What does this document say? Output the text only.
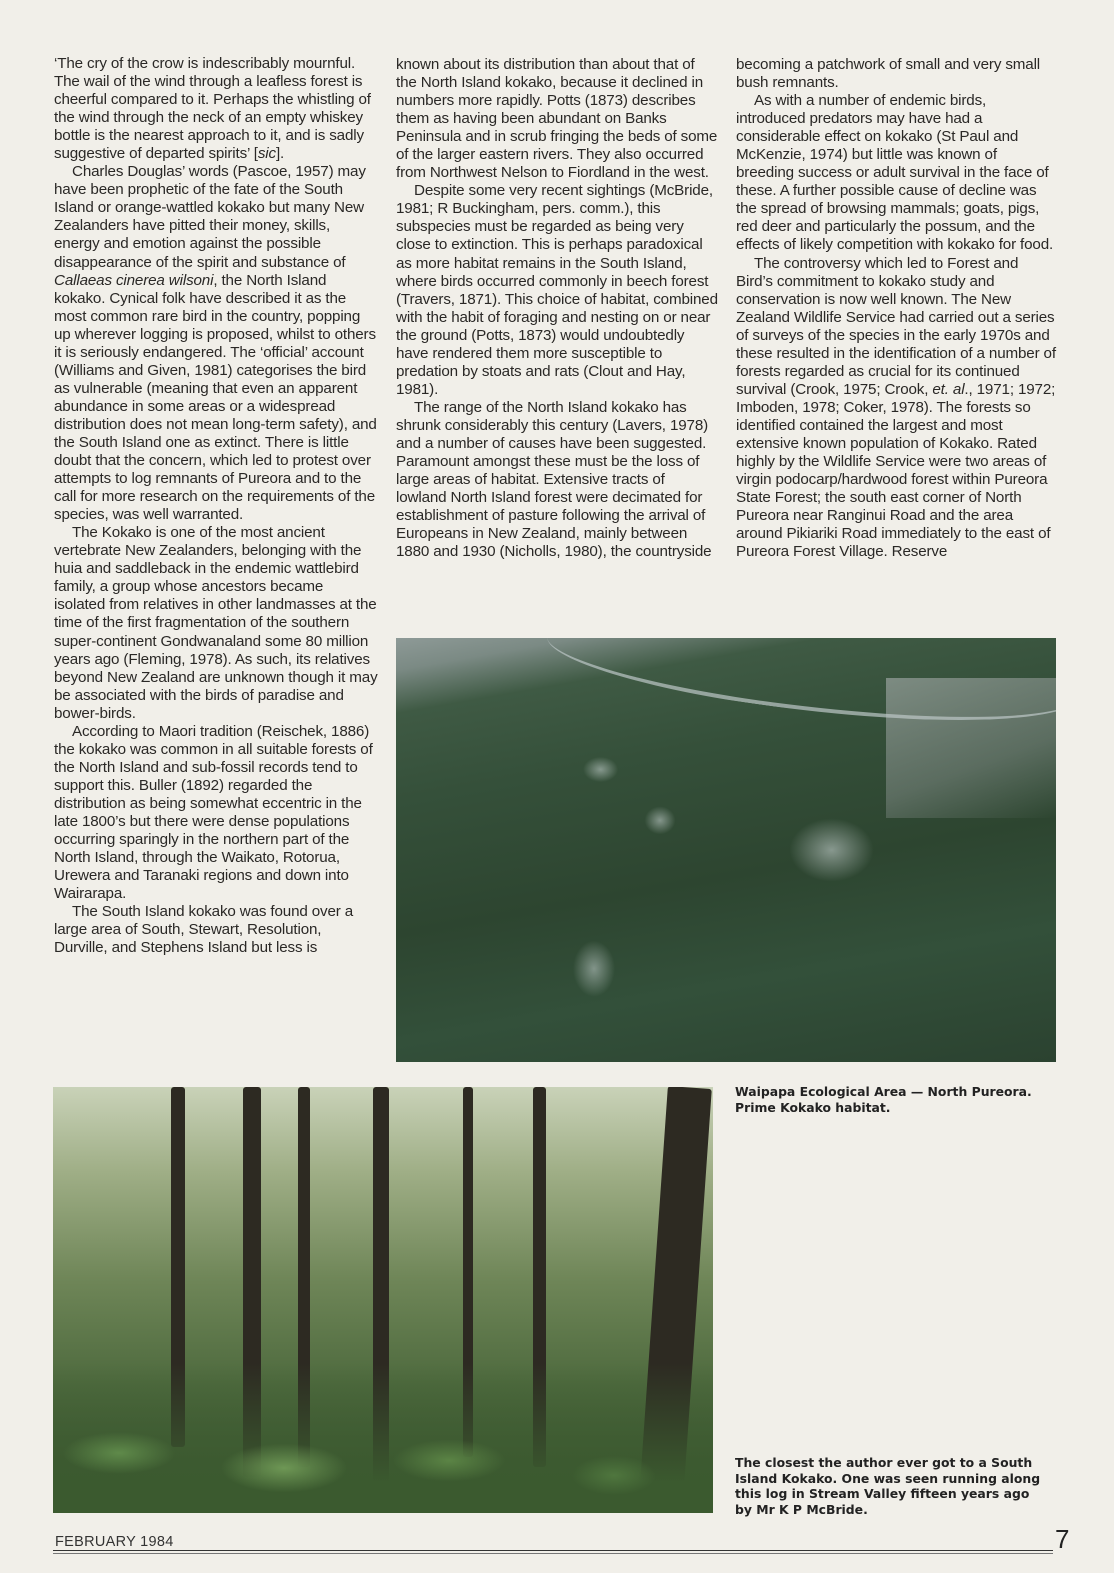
‘The cry of the crow is indescribably mournful. The wail of the wind through a leafless forest is cheerful compared to it. Perhaps the whistling of the wind through the neck of an empty whiskey bottle is the nearest approach to it, and is sadly suggestive of departed spirits’ [sic].

Charles Douglas’ words (Pascoe, 1957) may have been prophetic of the fate of the South Island or orange-wattled kokako but many New Zealanders have pitted their money, skills, energy and emotion against the possible disappearance of the spirit and substance of Callaeas cinerea wilsoni, the North Island kokako. Cynical folk have described it as the most common rare bird in the country, popping up wherever logging is proposed, whilst to others it is seriously endangered. The ‘official’ account (Williams and Given, 1981) categorises the bird as vulnerable (meaning that even an apparent abundance in some areas or a widespread distribution does not mean long-term safety), and the South Island one as extinct. There is little doubt that the concern, which led to protest over attempts to log remnants of Pureora and to the call for more research on the requirements of the species, was well warranted.

The Kokako is one of the most ancient vertebrate New Zealanders, belonging with the huia and saddleback in the endemic wattlebird family, a group whose ancestors became isolated from relatives in other landmasses at the time of the first fragmentation of the southern super-continent Gondwanaland some 80 million years ago (Fleming, 1978). As such, its relatives beyond New Zealand are unknown though it may be associated with the birds of paradise and bower-birds.

According to Maori tradition (Reischek, 1886) the kokako was common in all suitable forests of the North Island and sub-fossil records tend to support this. Buller (1892) regarded the distribution as being somewhat eccentric in the late 1800’s but there were dense populations occurring sparingly in the northern part of the North Island, through the Waikato, Rotorua, Urewera and Taranaki regions and down into Wairarapa.

The South Island kokako was found over a large area of South, Stewart, Resolution, Durville, and Stephens Island but less is

known about its distribution than about that of the North Island kokako, because it declined in numbers more rapidly. Potts (1873) describes them as having been abundant on Banks Peninsula and in scrub fringing the beds of some of the larger eastern rivers. They also occurred from Northwest Nelson to Fiordland in the west.

Despite some very recent sightings (McBride, 1981; R Buckingham, pers. comm.), this subspecies must be regarded as being very close to extinction. This is perhaps paradoxical as more habitat remains in the South Island, where birds occurred commonly in beech forest (Travers, 1871). This choice of habitat, combined with the habit of foraging and nesting on or near the ground (Potts, 1873) would undoubtedly have rendered them more susceptible to predation by stoats and rats (Clout and Hay, 1981).

The range of the North Island kokako has shrunk considerably this century (Lavers, 1978) and a number of causes have been suggested. Paramount amongst these must be the loss of large areas of habitat. Extensive tracts of lowland North Island forest were decimated for establishment of pasture following the arrival of Europeans in New Zealand, mainly between 1880 and 1930 (Nicholls, 1980), the countryside

becoming a patchwork of small and very small bush remnants.

As with a number of endemic birds, introduced predators may have had a considerable effect on kokako (St Paul and McKenzie, 1974) but little was known of breeding success or adult survival in the face of these. A further possible cause of decline was the spread of browsing mammals; goats, pigs, red deer and particularly the possum, and the effects of likely competition with kokako for food.

The controversy which led to Forest and Bird’s commitment to kokako study and conservation is now well known. The New Zealand Wildlife Service had carried out a series of surveys of the species in the early 1970s and these resulted in the identification of a number of forests regarded as crucial for its continued survival (Crook, 1975; Crook, et. al., 1971; 1972; Imboden, 1978; Coker, 1978). The forests so identified contained the largest and most extensive known population of Kokako. Rated highly by the Wildlife Service were two areas of virgin podocarp/hardwood forest within Pureora State Forest; the south east corner of North Pureora near Ranginui Road and the area around Pikiariki Road immediately to the east of Pureora Forest Village. Reserve

Waipapa Ecological Area — North Pureora. Prime Kokako habitat.
The closest the author ever got to a South Island Kokako. One was seen running along this log in Stream Valley fifteen years ago by Mr K P McBride.
FEBRUARY 1984	7
